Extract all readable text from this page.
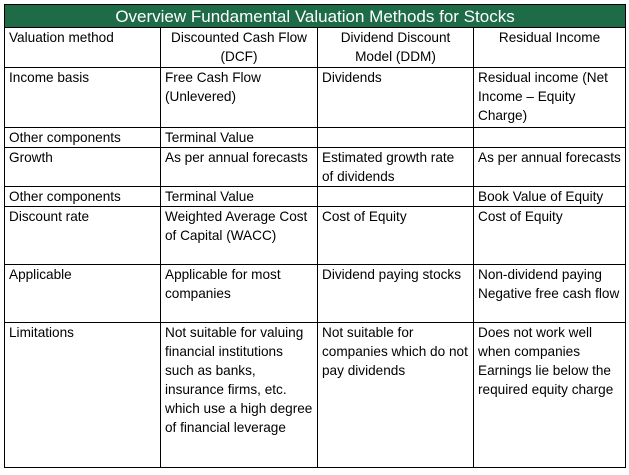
Overview Fundamental Valuation Methods for Stocks			
Valuation method	Discounted Cash Flow (DCF)	Dividend Discount Model (DDM)	Residual Income
Income basis	Free Cash Flow (Unlevered)	Dividends	Residual income (Net Income – Equity Charge)
Other components	Terminal Value		
Growth	As per annual forecasts	Estimated growth rate of dividends	As per annual forecasts
Other components	Terminal Value		Book Value of Equity
Discount rate	Weighted Average Cost of Capital (WACC)	Cost of Equity	Cost of Equity
Applicable	Applicable for most companies	Dividend paying stocks	Non-dividend paying Negative free cash flow
Limitations	Not suitable for valuing financial institutions such as banks, insurance firms, etc. which use a high degree of financial leverage	Not suitable for companies which do not pay dividends	Does not work well when companies Earnings lie below the required equity charge
